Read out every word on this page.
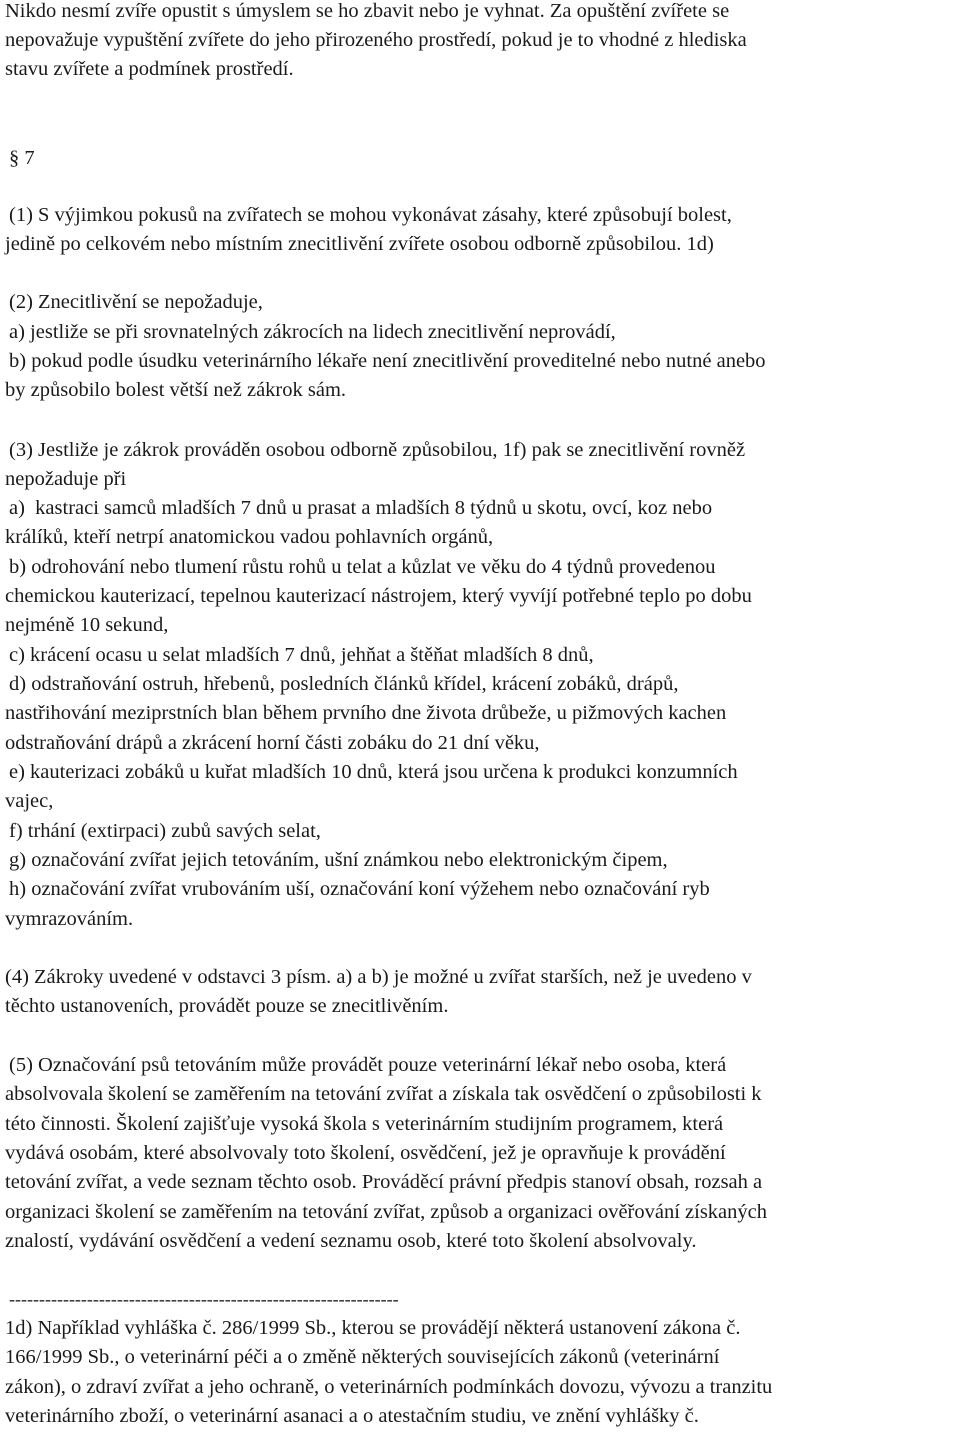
Nikdo nesmí zvíře opustit s úmyslem se ho zbavit nebo je vyhnat. Za opuštění zvířete se
nepovažuje vypuštění zvířete do jeho přirozeného prostředí, pokud je to vhodné z hlediska
stavu zvířete a podmínek prostředí.
§ 7
(1) S výjimkou pokusů na zvířatech se mohou vykonávat zásahy, které způsobují bolest,
jedině po celkovém nebo místním znecitlivění zvířete osobou odborně způsobilou. 1d)
(2) Znecitlivění se nepožaduje,
a) jestliže se při srovnatelných zákrocích na lidech znecitlivění neprovádí,
b) pokud podle úsudku veterinárního lékaře není znecitlivění proveditelné nebo nutné anebo
by způsobilo bolest větší než zákrok sám.
(3) Jestliže je zákrok prováděn osobou odborně způsobilou, 1f) pak se znecitlivění rovněž
nepožaduje při
a)  kastraci samců mladších 7 dnů u prasat a mladších 8 týdnů u skotu, ovcí, koz nebo
králíků, kteří netrpí anatomickou vadou pohlavních orgánů,
b) odrohování nebo tlumení růstu rohů u telat a kůzlat ve věku do 4 týdnů provedenou
chemickou kauterizací, tepelnou kauterizací nástrojem, který vyvíjí potřebné teplo po dobu
nejméně 10 sekund,
c) krácení ocasu u selat mladších 7 dnů, jehňat a štěňat mladších 8 dnů,
d) odstraňování ostruh, hřebenů, posledních článků křídel, krácení zobáků, drápů,
nastřihování meziprstních blan během prvního dne života drůbeže, u pižmových kachen
odstraňování drápů a zkrácení horní části zobáku do 21 dní věku,
e) kauterizaci zobáků u kuřat mladších 10 dnů, která jsou určena k produkci konzumních
vajec,
f) trhání (extirpaci) zubů savých selat,
g) označování zvířat jejich tetováním, ušní známkou nebo elektronickým čipem,
h) označování zvířat vrubováním uší, označování koní výžehem nebo označování ryb
vymrazováním.
(4) Zákroky uvedené v odstavci 3 písm. a) a b) je možné u zvířat starších, než je uvedeno v
těchto ustanoveních, provádět pouze se znecitlivěním.
(5) Označování psů tetováním může provádět pouze veterinární lékař nebo osoba, která
absolvovala školení se zaměřením na tetování zvířat a získala tak osvědčení o způsobilosti k
této činnosti. Školení zajišťuje vysoká škola s veterinárním studijním programem, která
vydává osobám, které absolvovaly toto školení, osvědčení, jež je opravňuje k provádění
tetování zvířat, a vede seznam těchto osob. Prováděcí právní předpis stanoví obsah, rozsah a
organizaci školení se zaměřením na tetování zvířat, způsob a organizaci ověřování získaných
znalostí, vydávání osvědčení a vedení seznamu osob, které toto školení absolvovaly.
-----------------------------------------------------------------
1d) Například vyhláška č. 286/1999 Sb., kterou se provádějí některá ustanovení zákona č.
166/1999 Sb., o veterinární péči a o změně některých souvisejících zákonů (veterinární
zákon), o zdraví zvířat a jeho ochraně, o veterinárních podmínkách dovozu, vývozu a tranzitu
veterinárního zboží, o veterinární asanaci a o atestačním studiu, ve znění vyhlášky č.
